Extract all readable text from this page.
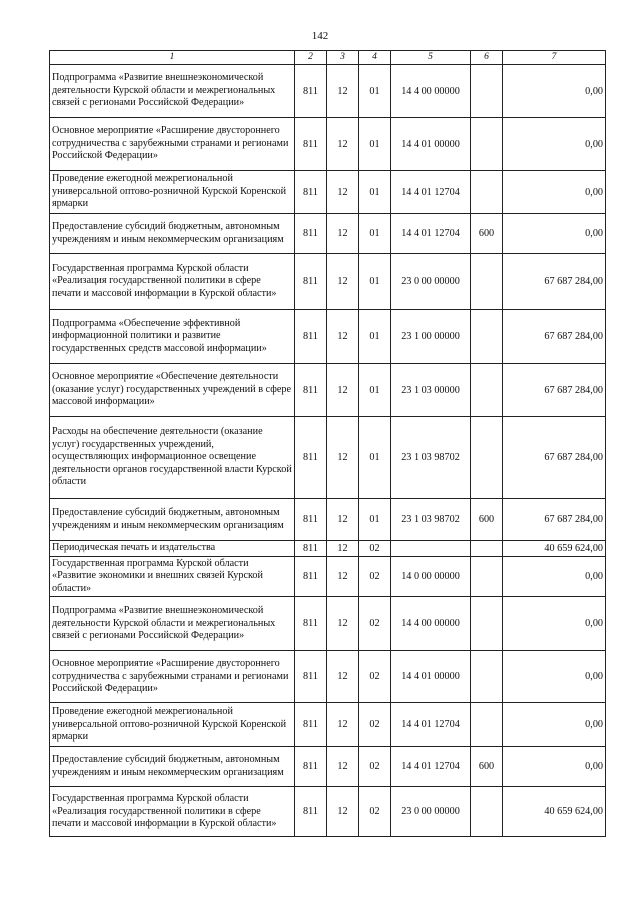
142
1	2	3	4	5	6	7
Подпрограмма «Развитие внешнеэкономической деятельности Курской области и межрегиональных связей с регионами Российской Федерации»	811	12	01	14 4 00 00000		0,00
Основное мероприятие «Расширение двустороннего сотрудничества с зарубежными странами и регионами Российской Федерации»	811	12	01	14 4 01 00000		0,00
Проведение ежегодной межрегиональной универсальной оптово-розничной Курской Коренской ярмарки	811	12	01	14 4 01 12704		0,00
Предоставление субсидий бюджетным, автономным учреждениям и иным некоммерческим организациям	811	12	01	14 4 01 12704	600	0,00
Государственная программа Курской области «Реализация государственной политики в сфере печати и массовой информации в Курской области»	811	12	01	23 0 00 00000		67 687 284,00
Подпрограмма «Обеспечение эффективной информационной политики и развитие государственных средств массовой информации»	811	12	01	23 1 00 00000		67 687 284,00
Основное мероприятие «Обеспечение деятельности (оказание услуг) государственных учреждений в сфере массовой информации»	811	12	01	23 1 03 00000		67 687 284,00
Расходы на обеспечение деятельности (оказание услуг) государственных учреждений, осуществляющих информационное освещение деятельности органов государственной власти Курской области	811	12	01	23 1 03 98702		67 687 284,00
Предоставление субсидий бюджетным, автономным учреждениям и иным некоммерческим организациям	811	12	01	23 1 03 98702	600	67 687 284,00
Периодическая печать и издательства	811	12	02			40 659 624,00
Государственная программа Курской области «Развитие экономики и внешних связей Курской области»	811	12	02	14 0 00 00000		0,00
Подпрограмма «Развитие внешнеэкономической деятельности Курской области и межрегиональных связей с регионами Российской Федерации»	811	12	02	14 4 00 00000		0,00
Основное мероприятие «Расширение двустороннего сотрудничества с зарубежными странами и регионами Российской Федерации»	811	12	02	14 4 01 00000		0,00
Проведение ежегодной межрегиональной универсальной оптово-розничной Курской Коренской ярмарки	811	12	02	14 4 01 12704		0,00
Предоставление субсидий бюджетным, автономным учреждениям и иным некоммерческим организациям	811	12	02	14 4 01 12704	600	0,00
Государственная программа Курской области «Реализация государственной политики в сфере печати и массовой информации в Курской области»	811	12	02	23 0 00 00000		40 659 624,00
